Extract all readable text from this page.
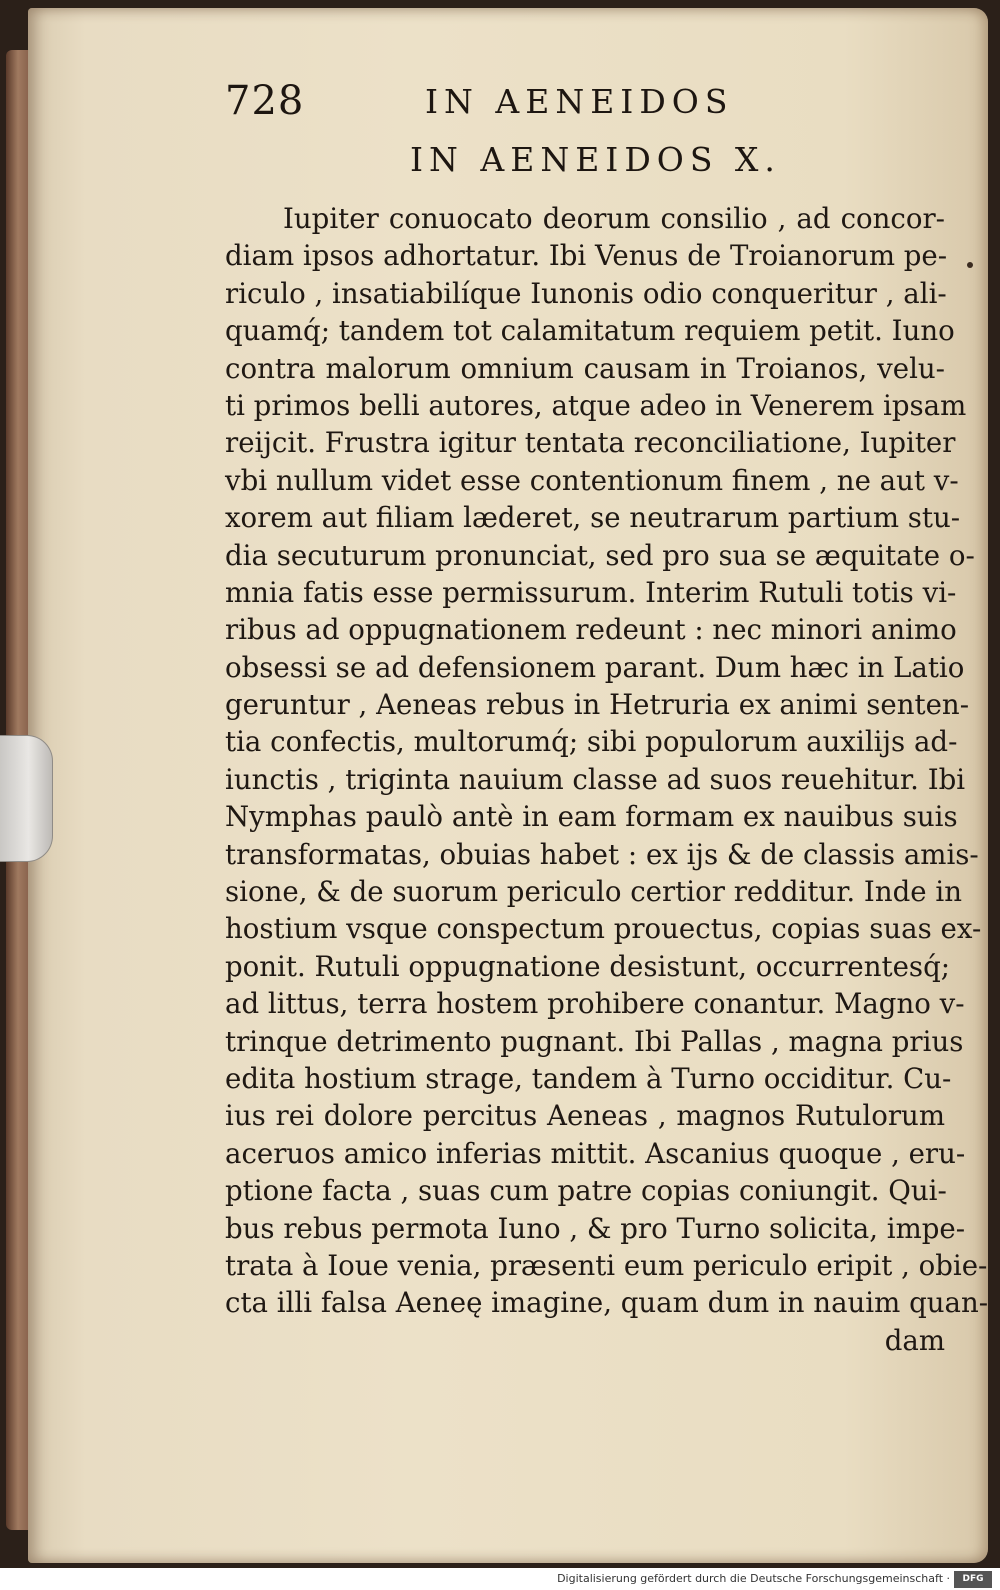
728	IN AENEIDOS
IN AENEIDOS X.
Iupiter conuocato deorum consilio , ad concor-
diam ipsos adhortatur. Ibi Venus de Troianorum pe-
riculo , insatiabilíque Iunonis odio conqueritur , ali-
quamq́; tandem tot calamitatum requiem petit. Iuno
contra malorum omnium causam in Troianos, velu-
ti primos belli autores, atque adeo in Venerem ipsam
reijcit. Frustra igitur tentata reconciliatione, Iupiter
vbi nullum videt esse contentionum finem , ne aut v-
xorem aut filiam læderet, se neutrarum partium stu-
dia secuturum pronunciat, sed pro sua se æquitate o-
mnia fatis esse permissurum. Interim Rutuli totis vi-
ribus ad oppugnationem redeunt : nec minori animo
obsessi se ad defensionem parant. Dum hæc in Latio
geruntur , Aeneas rebus in Hetruria ex animi senten-
tia confectis, multorumq́; sibi populorum auxilijs ad-
iunctis , triginta nauium classe ad suos reuehitur. Ibi
Nymphas paulò antè in eam formam ex nauibus suis
transformatas, obuias habet : ex ijs & de classis amis-
sione, & de suorum periculo certior redditur. Inde in
hostium vsque conspectum prouectus, copias suas ex-
ponit. Rutuli oppugnatione desistunt, occurrentesq́;
ad littus, terra hostem prohibere conantur. Magno v-
trinque detrimento pugnant. Ibi Pallas , magna prius
edita hostium strage, tandem à Turno occiditur. Cu-
ius rei dolore percitus Aeneas , magnos Rutulorum
aceruos amico inferias mittit. Ascanius quoque , eru-
ptione facta , suas cum patre copias coniungit. Qui-
bus rebus permota Iuno , & pro Turno solicita, impe-
trata à Ioue venia, præsenti eum periculo eripit , obie-
cta illi falsa Aeneę imagine, quam dum in nauim quan-
dam
Digitalisierung gefördert durch die Deutsche Forschungsgemeinschaft ·	DFG
